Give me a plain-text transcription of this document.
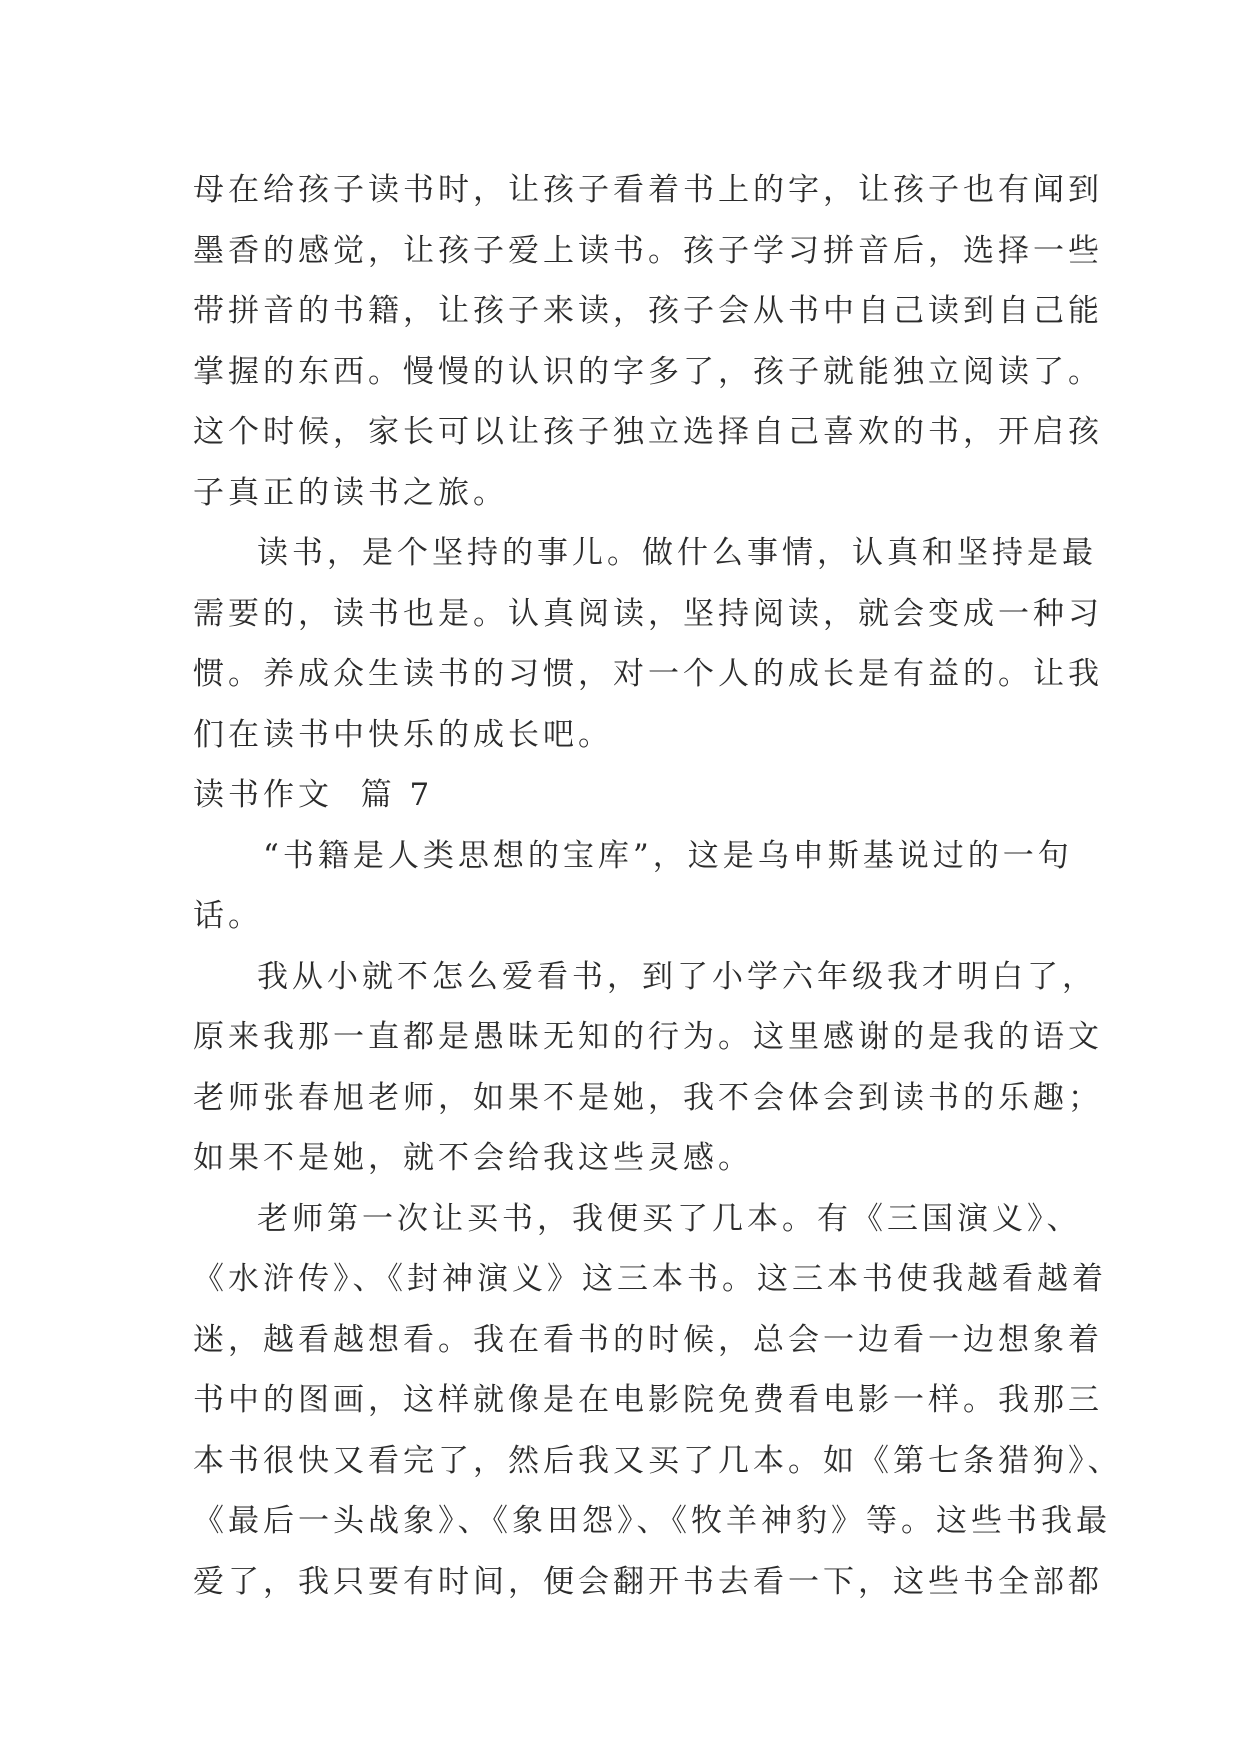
母在给孩子读书时，让孩子看着书上的字，让孩子也有闻到

墨香的感觉，让孩子爱上读书。孩子学习拼音后，选择一些

带拼音的书籍，让孩子来读，孩子会从书中自己读到自己能

掌握的东西。慢慢的认识的字多了，孩子就能独立阅读了。

这个时候，家长可以让孩子独立选择自己喜欢的书，开启孩

子真正的读书之旅。

读书，是个坚持的事儿。做什么事情，认真和坚持是最

需要的，读书也是。认真阅读，坚持阅读，就会变成一种习

惯。养成众生读书的习惯，对一个人的成长是有益的。让我

们在读书中快乐的成长吧。

读书作文  篇 7

“书籍是人类思想的宝库”，这是乌申斯基说过的一句

话。

我从小就不怎么爱看书，到了小学六年级我才明白了，

原来我那一直都是愚昧无知的行为。这里感谢的是我的语文

老师张春旭老师，如果不是她，我不会体会到读书的乐趣；

如果不是她，就不会给我这些灵感。

老师第一次让买书，我便买了几本。有《三国演义》、

《水浒传》、《封神演义》这三本书。这三本书使我越看越着

迷，越看越想看。我在看书的时候，总会一边看一边想象着

书中的图画，这样就像是在电影院免费看电影一样。我那三

本书很快又看完了，然后我又买了几本。如《第七条猎狗》、

《最后一头战象》、《象田怨》、《牧羊神豹》等。这些书我最

爱了，我只要有时间，便会翻开书去看一下，这些书全部都
